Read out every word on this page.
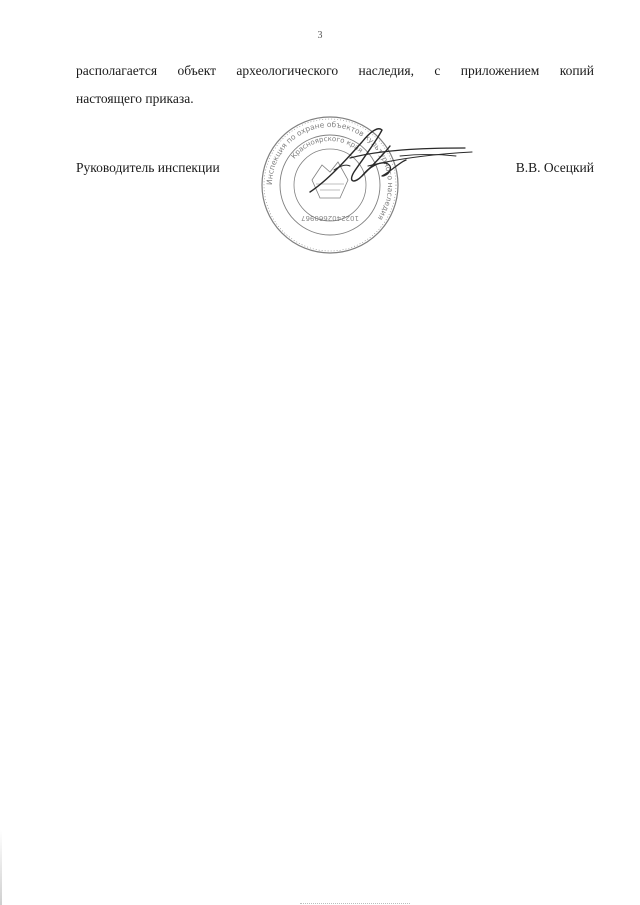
3
располагается объект археологического наследия, с приложением копий
настоящего приказа.
Инспекция по охране объектов культурного наследия
Красноярского края
1022402660967
Руководитель инспекции	В.В. Осецкий
